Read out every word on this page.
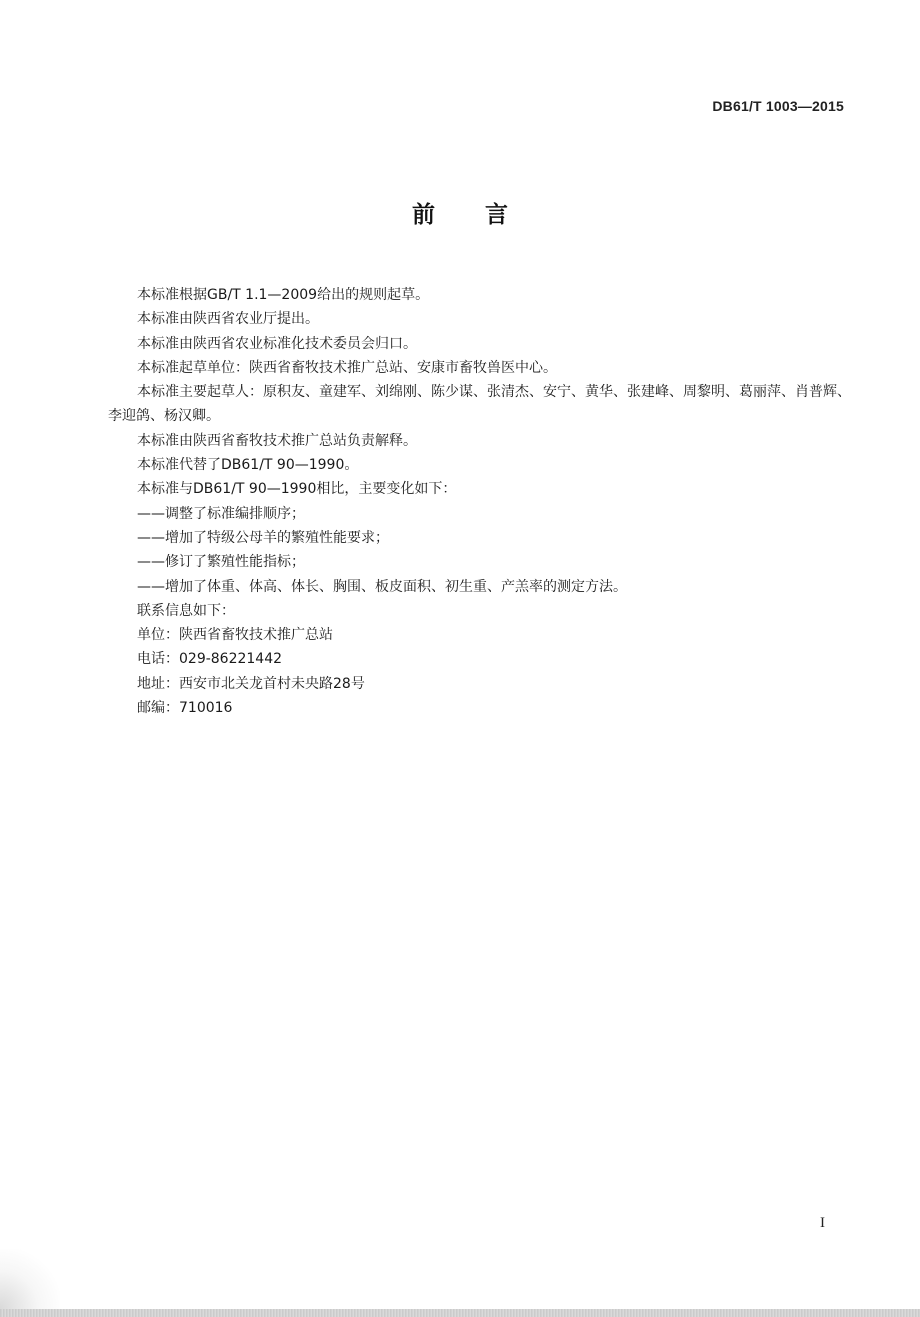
DB61/T 1003—2015
前言

本标准根据GB/T 1.1—2009给出的规则起草。

本标准由陕西省农业厅提出。

本标准由陕西省农业标准化技术委员会归口。

本标准起草单位：陕西省畜牧技术推广总站、安康市畜牧兽医中心。

本标准主要起草人：原积友、童建军、刘绵刚、陈少谋、张清杰、安宁、黄华、张建峰、周黎明、葛丽萍、肖普辉、李迎鸽、杨汉卿。

本标准由陕西省畜牧技术推广总站负责解释。

本标准代替了DB61/T 90—1990。

本标准与DB61/T 90—1990相比，主要变化如下：

——调整了标准编排顺序；

——增加了特级公母羊的繁殖性能要求；

——修订了繁殖性能指标；

——增加了体重、体高、体长、胸围、板皮面积、初生重、产羔率的测定方法。

联系信息如下：

单位：陕西省畜牧技术推广总站

电话：029-86221442

地址：西安市北关龙首村未央路28号

邮编：710016

I
